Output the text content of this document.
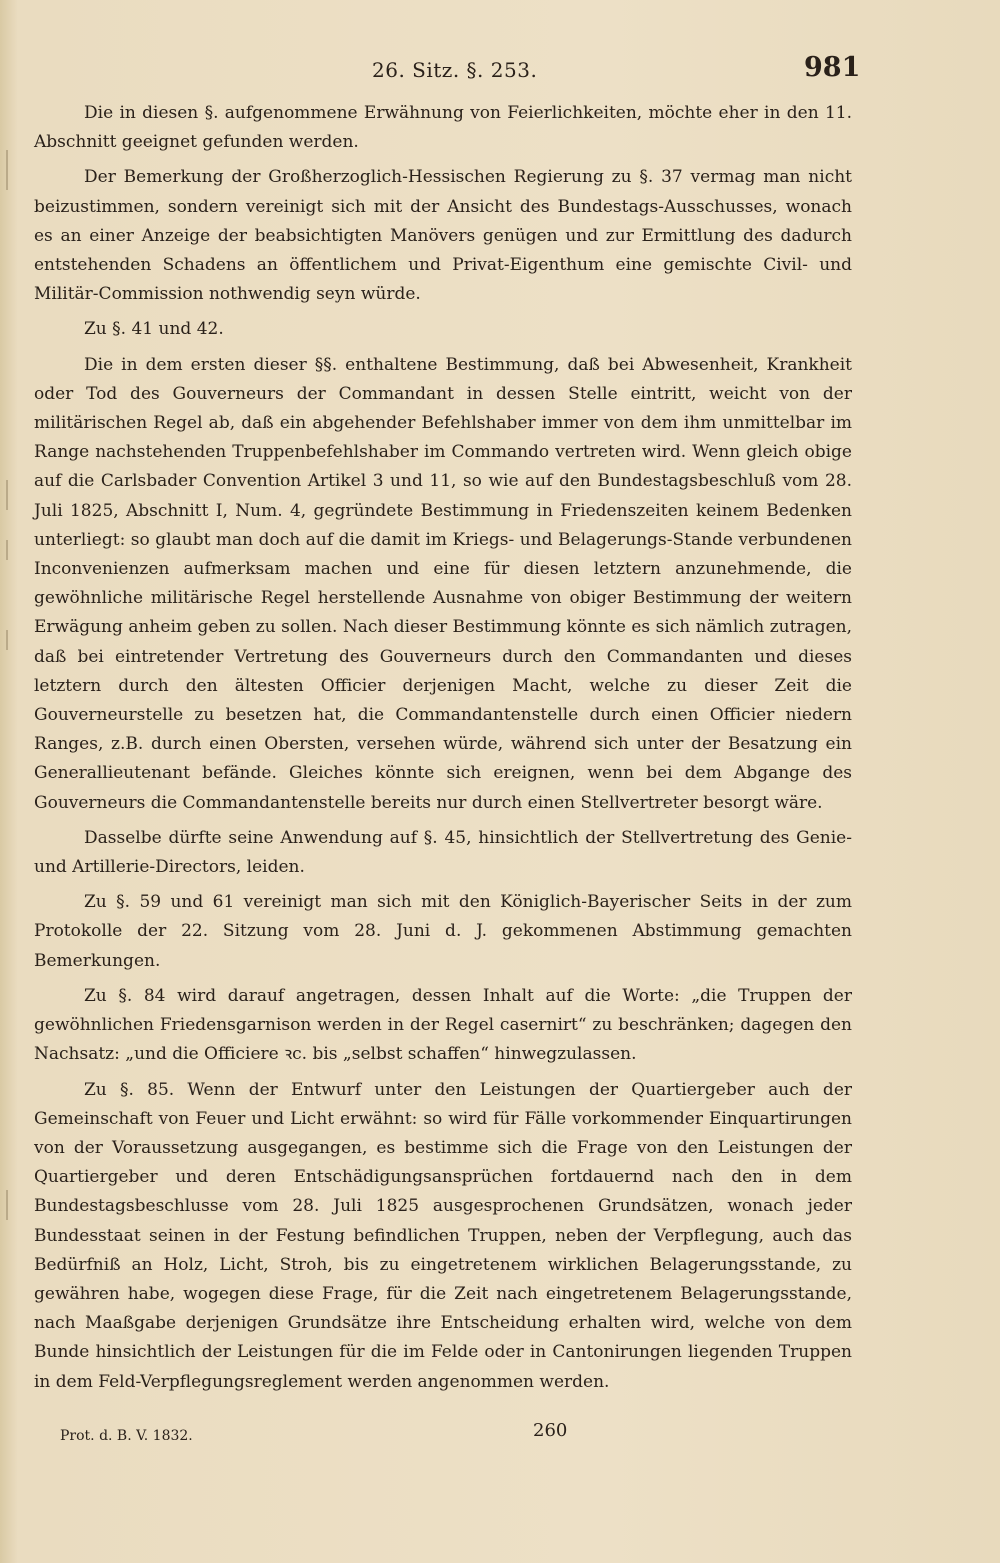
26. Sitz. §. 253.	981

Die in diesen §. aufgenommene Erwähnung von Feierlichkeiten, möchte eher in den 11. Abschnitt geeignet gefunden werden.

Der Bemerkung der Großherzoglich-Hessischen Regierung zu §. 37 vermag man nicht beizustimmen, sondern vereinigt sich mit der Ansicht des Bundestags-Ausschusses, wonach es an einer Anzeige der beabsichtigten Manövers genügen und zur Ermittlung des dadurch entstehenden Schadens an öffentlichem und Privat-Eigenthum eine gemischte Civil- und Militär-Commission nothwendig seyn würde.

Zu §. 41 und 42.

Die in dem ersten dieser §§. enthaltene Bestimmung, daß bei Abwesenheit, Krankheit oder Tod des Gouverneurs der Commandant in dessen Stelle eintritt, weicht von der militärischen Regel ab, daß ein abgehender Befehlshaber immer von dem ihm unmittelbar im Range nachstehenden Truppenbefehlshaber im Commando vertreten wird. Wenn gleich obige auf die Carlsbader Convention Artikel 3 und 11, so wie auf den Bundestagsbeschluß vom 28. Juli 1825, Abschnitt I, Num. 4, gegründete Bestimmung in Friedenszeiten keinem Bedenken unterliegt: so glaubt man doch auf die damit im Kriegs- und Belagerungs-Stande verbundenen Inconvenienzen aufmerksam machen und eine für diesen letztern anzunehmende, die gewöhnliche militärische Regel herstellende Ausnahme von obiger Bestimmung der weitern Erwägung anheim geben zu sollen. Nach dieser Bestimmung könnte es sich nämlich zutragen, daß bei eintretender Vertretung des Gouverneurs durch den Commandanten und dieses letztern durch den ältesten Officier derjenigen Macht, welche zu dieser Zeit die Gouverneurstelle zu besetzen hat, die Commandantenstelle durch einen Officier niedern Ranges, z.B. durch einen Obersten, versehen würde, während sich unter der Besatzung ein Generallieutenant befände. Gleiches könnte sich ereignen, wenn bei dem Abgange des Gouverneurs die Commandantenstelle bereits nur durch einen Stellvertreter besorgt wäre.

Dasselbe dürfte seine Anwendung auf §. 45, hinsichtlich der Stellvertretung des Genie- und Artillerie-Directors, leiden.

Zu §. 59 und 61 vereinigt man sich mit den Königlich-Bayerischer Seits in der zum Protokolle der 22. Sitzung vom 28. Juni d. J. gekommenen Abstimmung gemachten Bemerkungen.

Zu §. 84 wird darauf angetragen, dessen Inhalt auf die Worte: „die Truppen der gewöhnlichen Friedensgarnison werden in der Regel casernirt“ zu beschränken; dagegen den Nachsatz: „und die Officiere ꝛc. bis „selbst schaffen“ hinwegzulassen.

Zu §. 85. Wenn der Entwurf unter den Leistungen der Quartiergeber auch der Gemeinschaft von Feuer und Licht erwähnt: so wird für Fälle vorkommender Einquartirungen von der Voraussetzung ausgegangen, es bestimme sich die Frage von den Leistungen der Quartiergeber und deren Entschädigungsansprüchen fortdauernd nach den in dem Bundestagsbeschlusse vom 28. Juli 1825 ausgesprochenen Grundsätzen, wonach jeder Bundesstaat seinen in der Festung befindlichen Truppen, neben der Verpflegung, auch das Bedürfniß an Holz, Licht, Stroh, bis zu eingetretenem wirklichen Belagerungsstande, zu gewähren habe, wogegen diese Frage, für die Zeit nach eingetretenem Belagerungsstande, nach Maaßgabe derjenigen Grundsätze ihre Entscheidung erhalten wird, welche von dem Bunde hinsichtlich der Leistungen für die im Felde oder in Cantonirungen liegenden Truppen in dem Feld-Verpflegungsreglement werden angenommen werden.

Prot. d. B. V. 1832.	260
